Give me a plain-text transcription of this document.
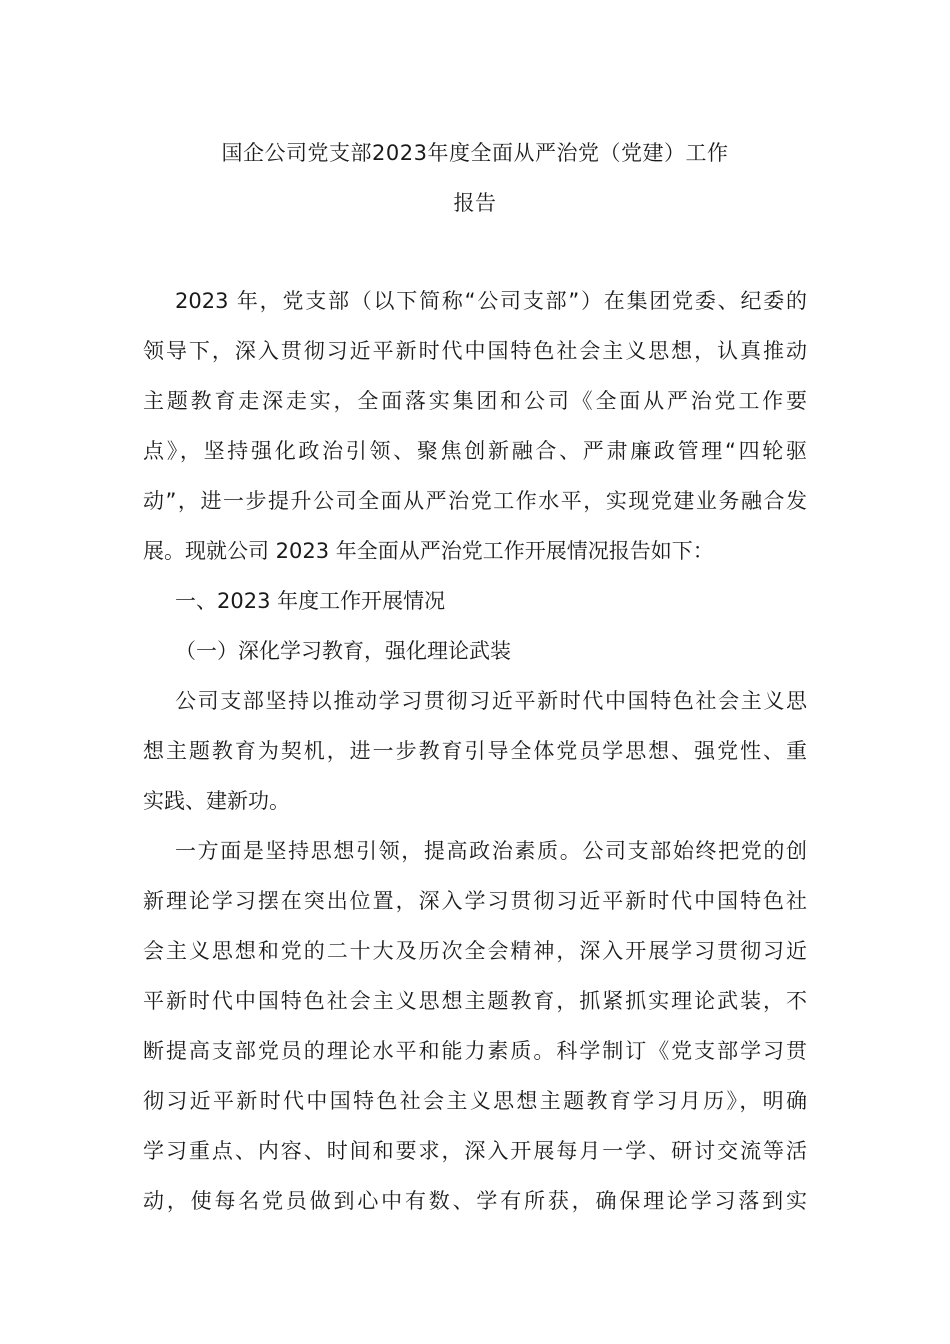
国企公司党支部2023年度全面从严治党（党建）工作
报告
2023 年，党支部（以下简称“公司支部”）在集团党委、纪委的
领导下，深入贯彻习近平新时代中国特色社会主义思想，认真推动
主题教育走深走实，全面落实集团和公司《全面从严治党工作要
点》，坚持强化政治引领、聚焦创新融合、严肃廉政管理“四轮驱
动”，进一步提升公司全面从严治党工作水平，实现党建业务融合发
展。现就公司 2023 年全面从严治党工作开展情况报告如下：
一、2023 年度工作开展情况
（一）深化学习教育，强化理论武装
公司支部坚持以推动学习贯彻习近平新时代中国特色社会主义思
想主题教育为契机，进一步教育引导全体党员学思想、强党性、重
实践、建新功。
一方面是坚持思想引领，提高政治素质。公司支部始终把党的创
新理论学习摆在突出位置，深入学习贯彻习近平新时代中国特色社
会主义思想和党的二十大及历次全会精神，深入开展学习贯彻习近
平新时代中国特色社会主义思想主题教育，抓紧抓实理论武装，不
断提高支部党员的理论水平和能力素质。科学制订《党支部学习贯
彻习近平新时代中国特色社会主义思想主题教育学习月历》，明确
学习重点、内容、时间和要求，深入开展每月一学、研讨交流等活
动，使每名党员做到心中有数、学有所获，确保理论学习落到实
